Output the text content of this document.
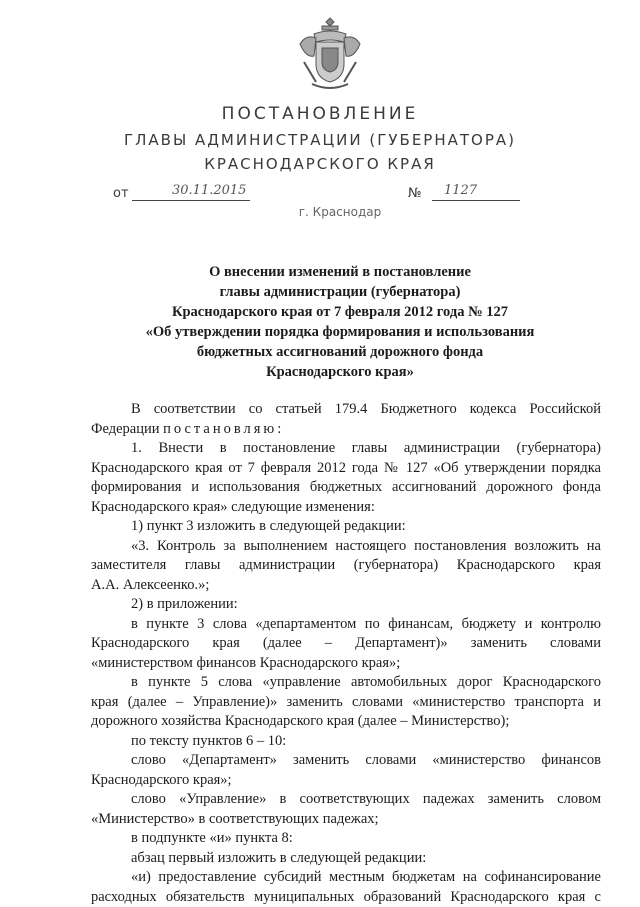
ПОСТАНОВЛЕНИЕ
ГЛАВЫ АДМИНИСТРАЦИИ (ГУБЕРНАТОРА)
КРАСНОДАРСКОГО КРАЯ
от	30.11.2015	№ 1127
г. Краснодар
О внесении изменений в постановление
главы администрации (губернатора)
Краснодарского края от 7 февраля 2012 года № 127
«Об утверждении порядка формирования и использования
бюджетных ассигнований дорожного фонда
Краснодарского края»
В соответствии со статьей 179.4 Бюджетного кодекса Российской
Федерации постановляю:
1. Внести в постановление главы администрации (губернатора)
Краснодарского края от 7 февраля 2012 года № 127 «Об утверждении порядка
формирования и использования бюджетных ассигнований дорожного фонда
Краснодарского края» следующие изменения:
1) пункт 3 изложить в следующей редакции:
«3. Контроль за выполнением настоящего постановления возложить на
заместителя главы администрации (губернатора) Краснодарского края
А.А. Алексеенко.»;
2) в приложении:
в пункте 3 слова «департаментом по финансам, бюджету и контролю
Краснодарского края (далее – Департамент)» заменить словами
«министерством финансов Краснодарского края»;
в пункте 5 слова «управление автомобильных дорог Краснодарского
края (далее – Управление)» заменить словами «министерство транспорта и
дорожного хозяйства Краснодарского края (далее – Министерство);
по тексту пунктов 6 – 10:
слово «Департамент» заменить словами «министерство финансов
Краснодарского края»;
слово «Управление» в соответствующих падежах заменить словом
«Министерство» в соответствующих падежах;
в подпункте «и» пункта 8:
абзац первый изложить в следующей редакции:
«и) предоставление субсидий местным бюджетам на софинансирование
расходных обязательств муниципальных образований Краснодарского края с
